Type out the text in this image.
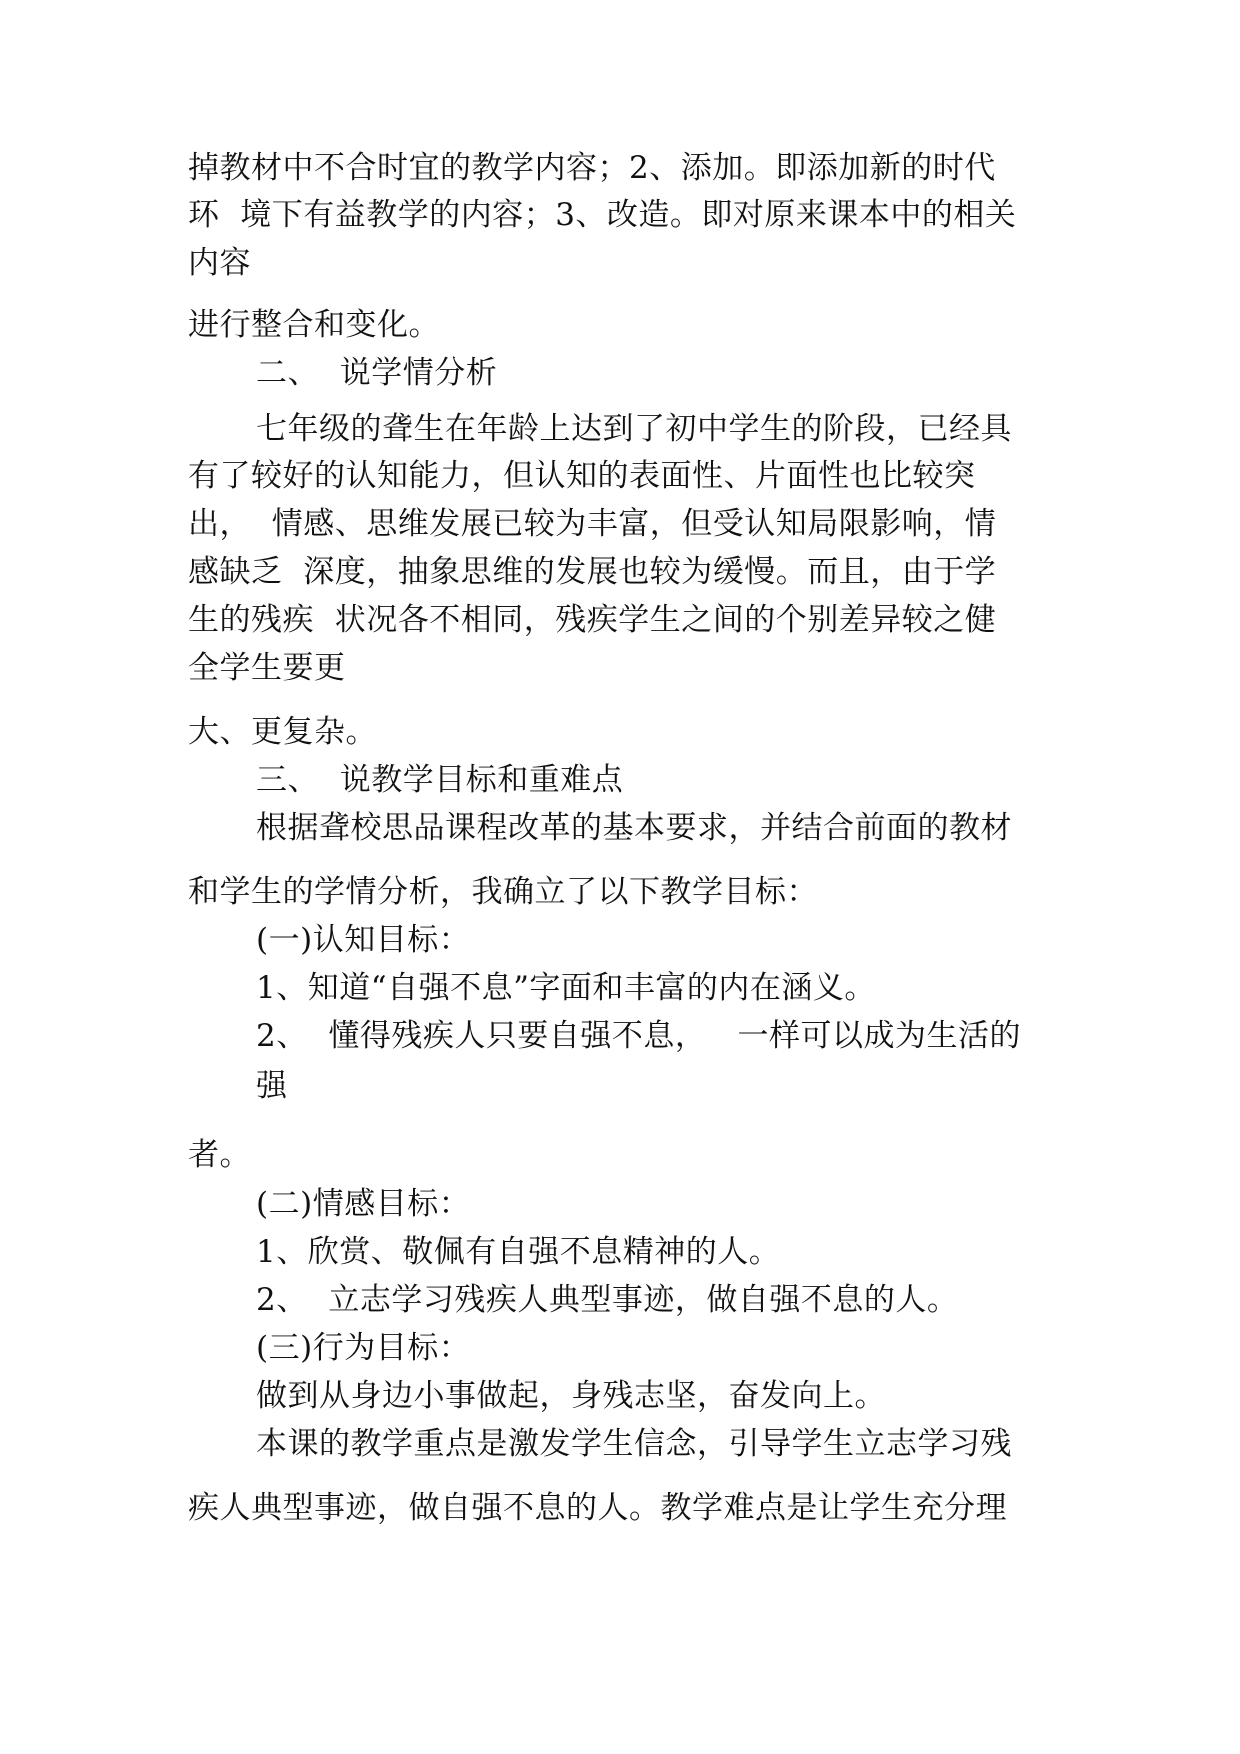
掉教材中不合时宜的教学内容；2、添加。即添加新的时代
环  境下有益教学的内容；3、改造。即对原来课本中的相关
内容
进行整合和变化。
二、  说学情分析
七年级的聋生在年龄上达到了初中学生的阶段，已经具
有了较好的认知能力，但认知的表面性、片面性也比较突
出，  情感、思维发展已较为丰富，但受认知局限影响，情
感缺乏  深度，抽象思维的发展也较为缓慢。而且，由于学
生的残疾  状况各不相同，残疾学生之间的个别差异较之健
全学生要更
大、更复杂。
三、  说教学目标和重难点
根据聋校思品课程改革的基本要求，并结合前面的教材
和学生的学情分析，我确立了以下教学目标：
(一)认知目标：
1、知道“自强不息”字面和丰富的内在涵义。
2、  懂得残疾人只要自强不息，   一样可以成为生活的
强
者。
(二)情感目标：
1、欣赏、敬佩有自强不息精神的人。
2、  立志学习残疾人典型事迹，做自强不息的人。
(三)行为目标：
做到从身边小事做起，身残志坚，奋发向上。
本课的教学重点是激发学生信念，引导学生立志学习残
疾人典型事迹，做自强不息的人。教学难点是让学生充分理
